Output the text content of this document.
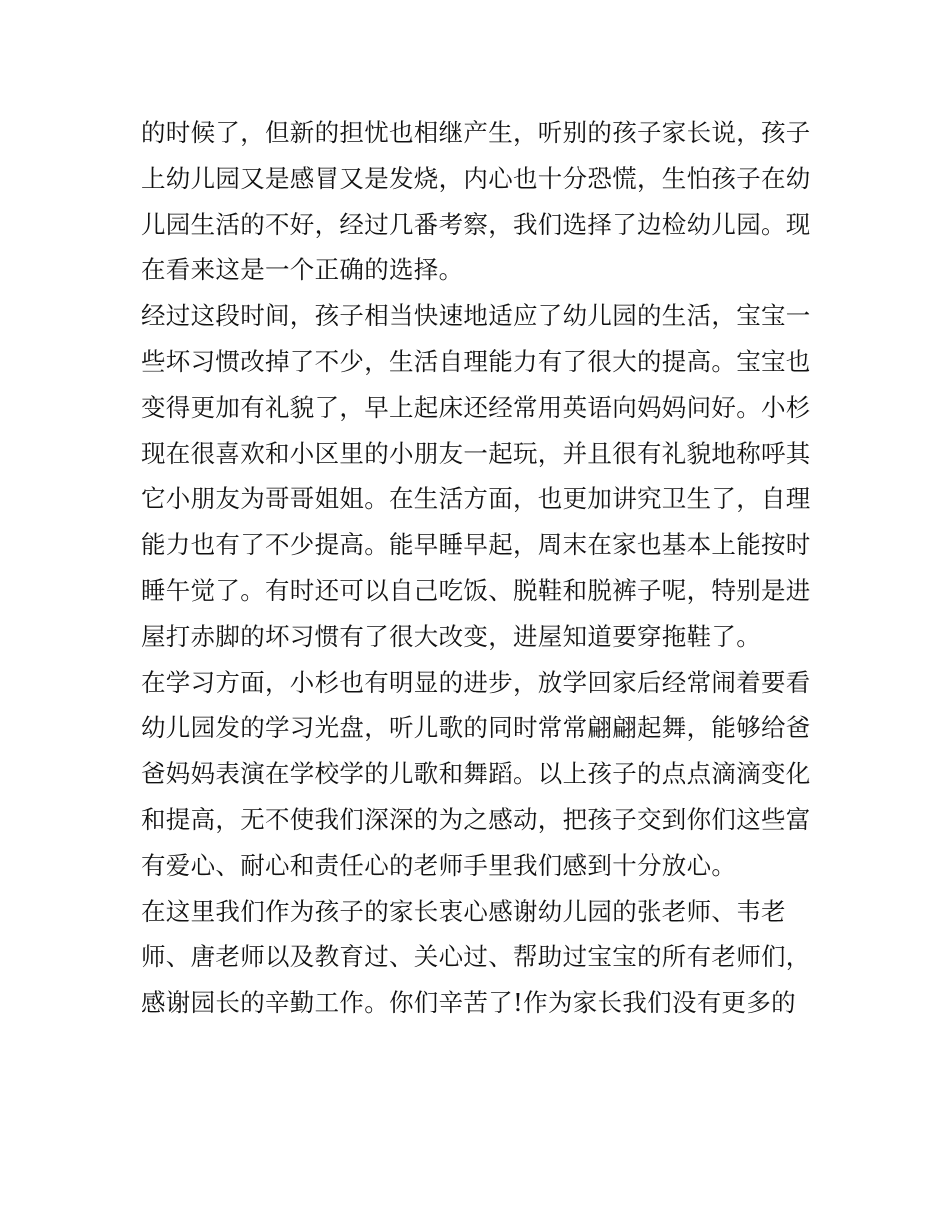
的时候了，但新的担忧也相继产生，听别的孩子家长说，孩子
上幼儿园又是感冒又是发烧，内心也十分恐慌，生怕孩子在幼
儿园生活的不好，经过几番考察，我们选择了边检幼儿园。现
在看来这是一个正确的选择。
经过这段时间，孩子相当快速地适应了幼儿园的生活，宝宝一
些坏习惯改掉了不少，生活自理能力有了很大的提高。宝宝也
变得更加有礼貌了，早上起床还经常用英语向妈妈问好。小杉
现在很喜欢和小区里的小朋友一起玩，并且很有礼貌地称呼其
它小朋友为哥哥姐姐。在生活方面，也更加讲究卫生了，自理
能力也有了不少提高。能早睡早起，周末在家也基本上能按时
睡午觉了。有时还可以自己吃饭、脱鞋和脱裤子呢，特别是进
屋打赤脚的坏习惯有了很大改变，进屋知道要穿拖鞋了。
在学习方面，小杉也有明显的进步，放学回家后经常闹着要看
幼儿园发的学习光盘，听儿歌的同时常常翩翩起舞，能够给爸
爸妈妈表演在学校学的儿歌和舞蹈。以上孩子的点点滴滴变化
和提高，无不使我们深深的为之感动，把孩子交到你们这些富
有爱心、耐心和责任心的老师手里我们感到十分放心。
在这里我们作为孩子的家长衷心感谢幼儿园的张老师、韦老
师、唐老师以及教育过、关心过、帮助过宝宝的所有老师们，
感谢园长的辛勤工作。你们辛苦了!作为家长我们没有更多的
